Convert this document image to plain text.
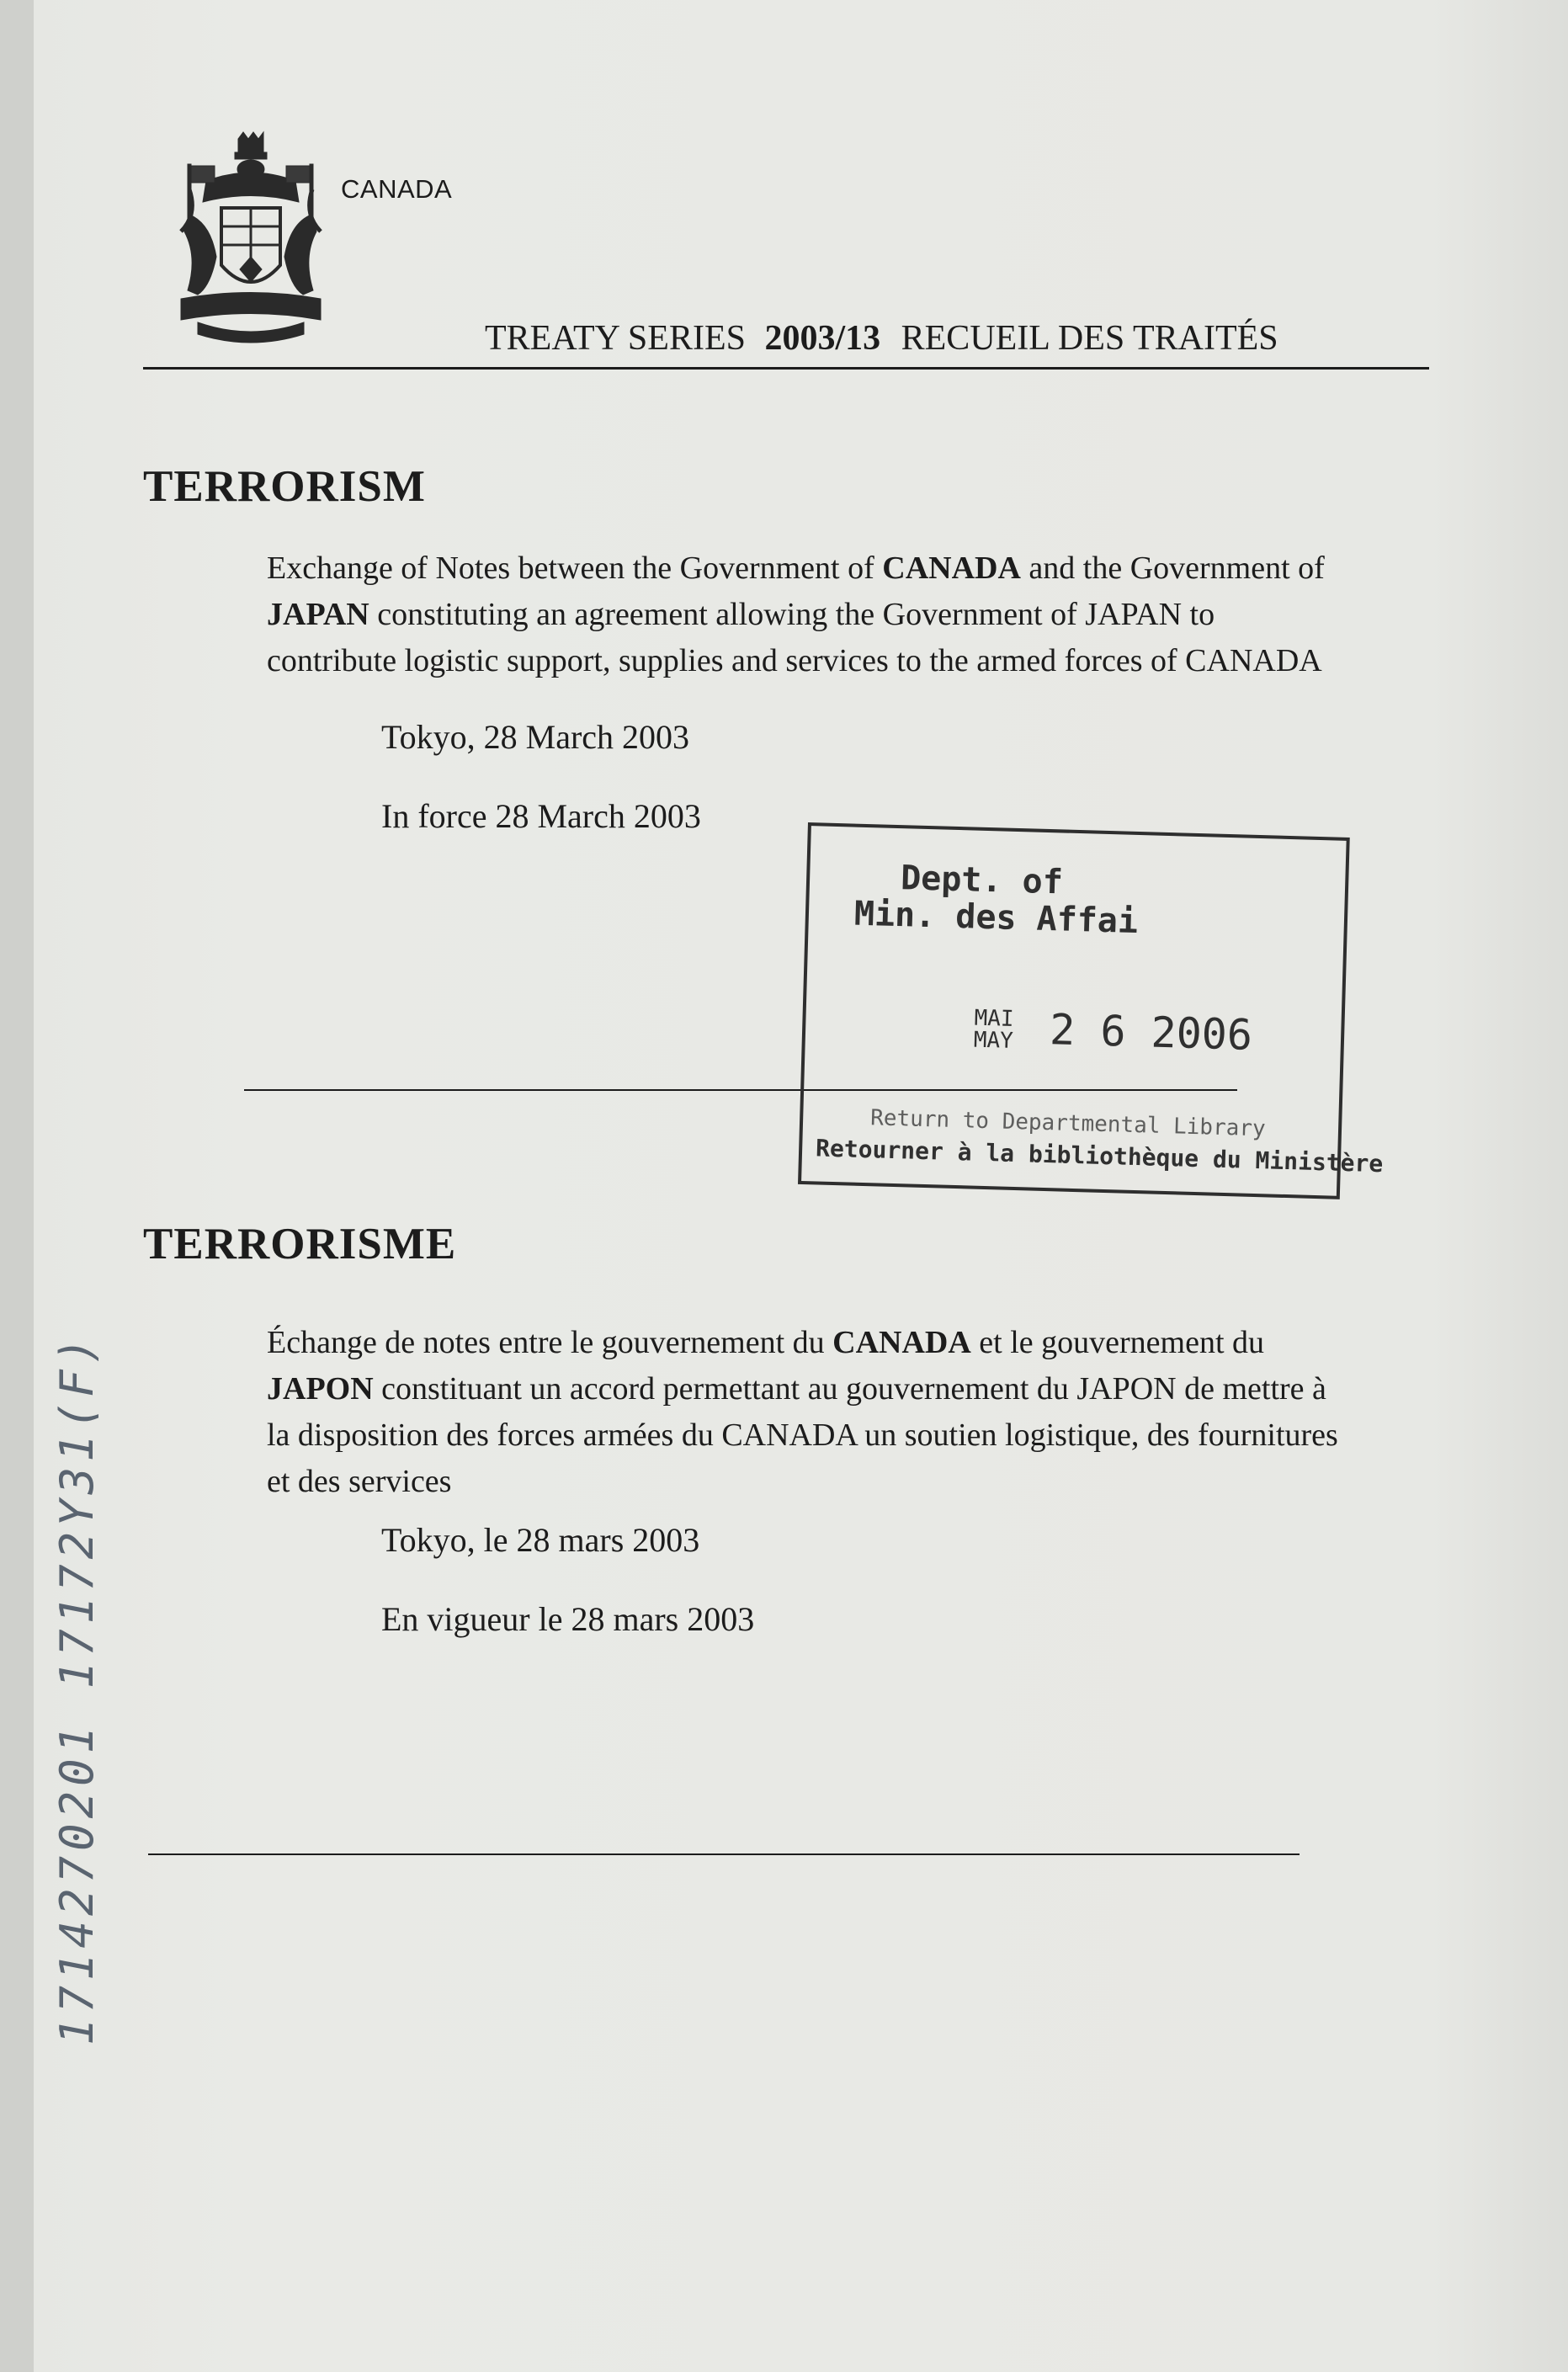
CANADA
TREATY SERIES 2003/13 RECUEIL DES TRAITÉS
TERRORISM
Exchange of Notes between the Government of CANADA and the Government of
JAPAN constituting an agreement allowing the Government of JAPAN to
contribute logistic support, supplies and services to the armed forces of CANADA
Tokyo, 28 March 2003
In force 28 March 2003
Dept. of
Min. des Affai
MAI
MAY 2 6 2006
Return to Departmental Library
Retourner à la bibliothèque du Ministère
TERRORISME
Échange de notes entre le gouvernement du CANADA et le gouvernement du
JAPON constituant un accord permettant au gouvernement du JAPON de mettre à
la disposition des forces armées du CANADA un soutien logistique, des fournitures
et des services
Tokyo, le 28 mars 2003
En vigueur le 28 mars 2003
1714270201 17172Y31(F)
